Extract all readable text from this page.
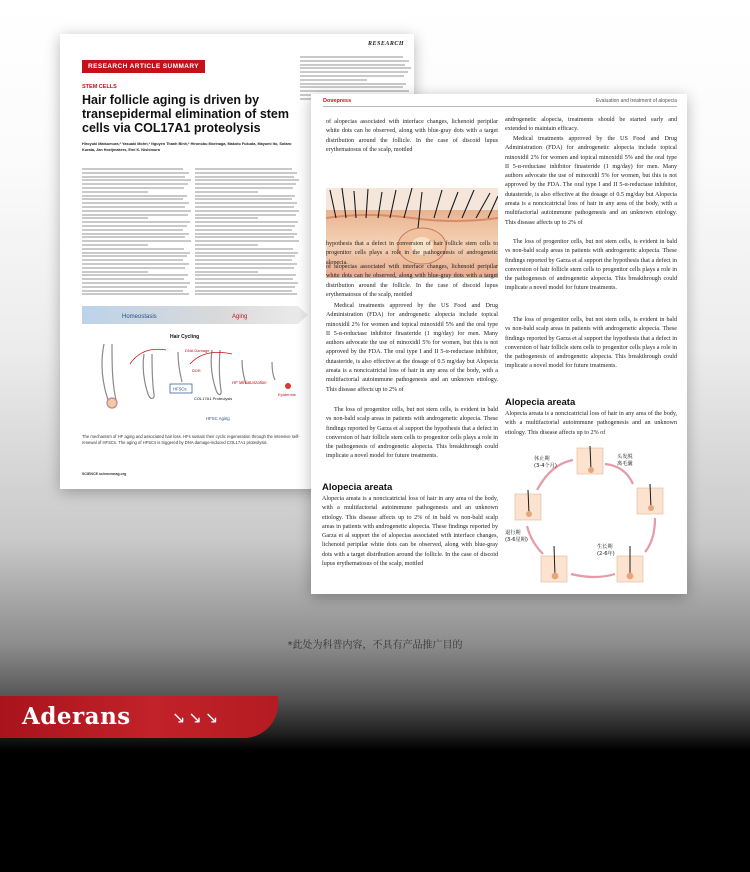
RESEARCH
RESEARCH ARTICLE SUMMARY
STEM CELLS
Hair follicle aging is driven by transepidermal elimination of stem cells via COL17A1 proteolysis
Hiroyuki Matsumura,* Yasuaki Mohri,* Nguyen Thanh Binh,* Hironobu Morinaga, Makoto Fukuda, Mayumi Ito, Sotaro Kurata, Jan Hoeijmakers, Emi K. Nishimura
Homeostasis	Aging
Hair Cycling
DNA Damage
DDR
HFSCs
COL17A1 Proteolysis
HF Miniaturization
Epidermis
HFSC Aging
The mechanism of HF aging and associated hair loss. HFs sustain their cyclic regeneration through the intensive self-renewal of HFSCs. The aging of HFSCs is triggered by DNA damage-induced COL17A1 proteolysis.
SCIENCE sciencemag.org
Dovepress	Evaluation and treatment of alopecia
of alopecias associated with interface changes, lichenoid peripilar white dots can be observed, along with blue-gray dots with a target distribution around the follicle. In the case of discoid lupus erythematosus of the scalp, mottled
hypothesis that a defect in conversion of hair follicle stem cells to progenitor cells plays a role in the pathogenesis of androgenetic alopecia.
of alopecias associated with interface changes, lichenoid peripilar white dots can be observed, along with blue-gray dots with a target distribution around the follicle. In the case of discoid lupus erythematosus of the scalp, mottled
Medical treatments approved by the US Food and Drug Administration (FDA) for androgenetic alopecia include topical minoxidil 2% for women and topical minoxidil 5% and the oral type II 5-α-reductase inhibitor finasteride (1 mg/day) for men. Many authors advocate the use of minoxidil 5% for women, but this is not approved by the FDA. The oral type I and II 5-α-reductase inhibitor, dutasteride, is also effective at the dosage of 0.5 mg/day but Alopecia areata is a noncicatricial loss of hair in any area of the body, with a multifactorial autoimmune pathogenesis and an unknown etiology. This disease affects up to 2% of
The loss of progenitor cells, but not stem cells, is evident in bald vs non-bald scalp areas in patients with androgenetic alopecia. These findings reported by Garza et al support the hypothesis that a defect in conversion of hair follicle stem cells to progenitor cells plays a role in the pathogenesis of androgenetic alopecia. This breakthrough could implicate a novel model for future treatments.
Alopecia areata
Alopecia areata is a noncicatricial loss of hair in any area of the body, with a multifactorial autoimmune pathogenesis and an unknown etiology. This disease affects up to 2% of in bald vs non-bald scalp areas in patients with androgenetic alopecia. These findings reported by Garza et al support the of alopecias associated with interface changes, lichenoid peripilar white dots can be observed, along with blue-gray dots with a target distribution around the follicle. In the case of discoid lupus erythematosus of the scalp, mottled
androgenetic alopecia, treatments should be started early and extended to maintain efficacy.
Medical treatments approved by the US Food and Drug Administration (FDA) for androgenetic alopecia include topical minoxidil 2% for women and topical minoxidil 5% and the oral type II 5-α-reductase inhibitor finasteride (1 mg/day) for men. Many authors advocate the use of minoxidil 5% for women, but this is not approved by the FDA. The oral type I and II 5-α-reductase inhibitor, dutasteride, is also effective at the dosage of 0.5 mg/day but Alopecia areata is a noncicatricial loss of hair in any area of the body, with a multifactorial autoimmune pathogenesis and an unknown etiology. This disease affects up to 2% of
The loss of progenitor cells, but not stem cells, is evident in bald vs non-bald scalp areas in patients with androgenetic alopecia. These findings reported by Garza et al support the hypothesis that a defect in conversion of hair follicle stem cells to progenitor cells plays a role in the pathogenesis of androgenetic alopecia. This breakthrough could implicate a novel model for future treatments.
The loss of progenitor cells, but not stem cells, is evident in bald vs non-bald scalp areas in patients with androgenetic alopecia. These findings reported by Garza et al support the hypothesis that a defect in conversion of hair follicle stem cells to progenitor cells plays a role in the pathogenesis of androgenetic alopecia. This breakthrough could implicate a novel model for future treatments.
Alopecia areata
Alopecia areata is a noncicatricial loss of hair in any area of the body, with a multifactorial autoimmune pathogenesis and an unknown etiology. This disease affects up to 2% of
休止期(3-4个月)
头发脱离毛囊
退行期(3-6星期)
生长期(2-6年)
*此处为科普内容，不具有产品推广目的
Aderans	↘↘↘
